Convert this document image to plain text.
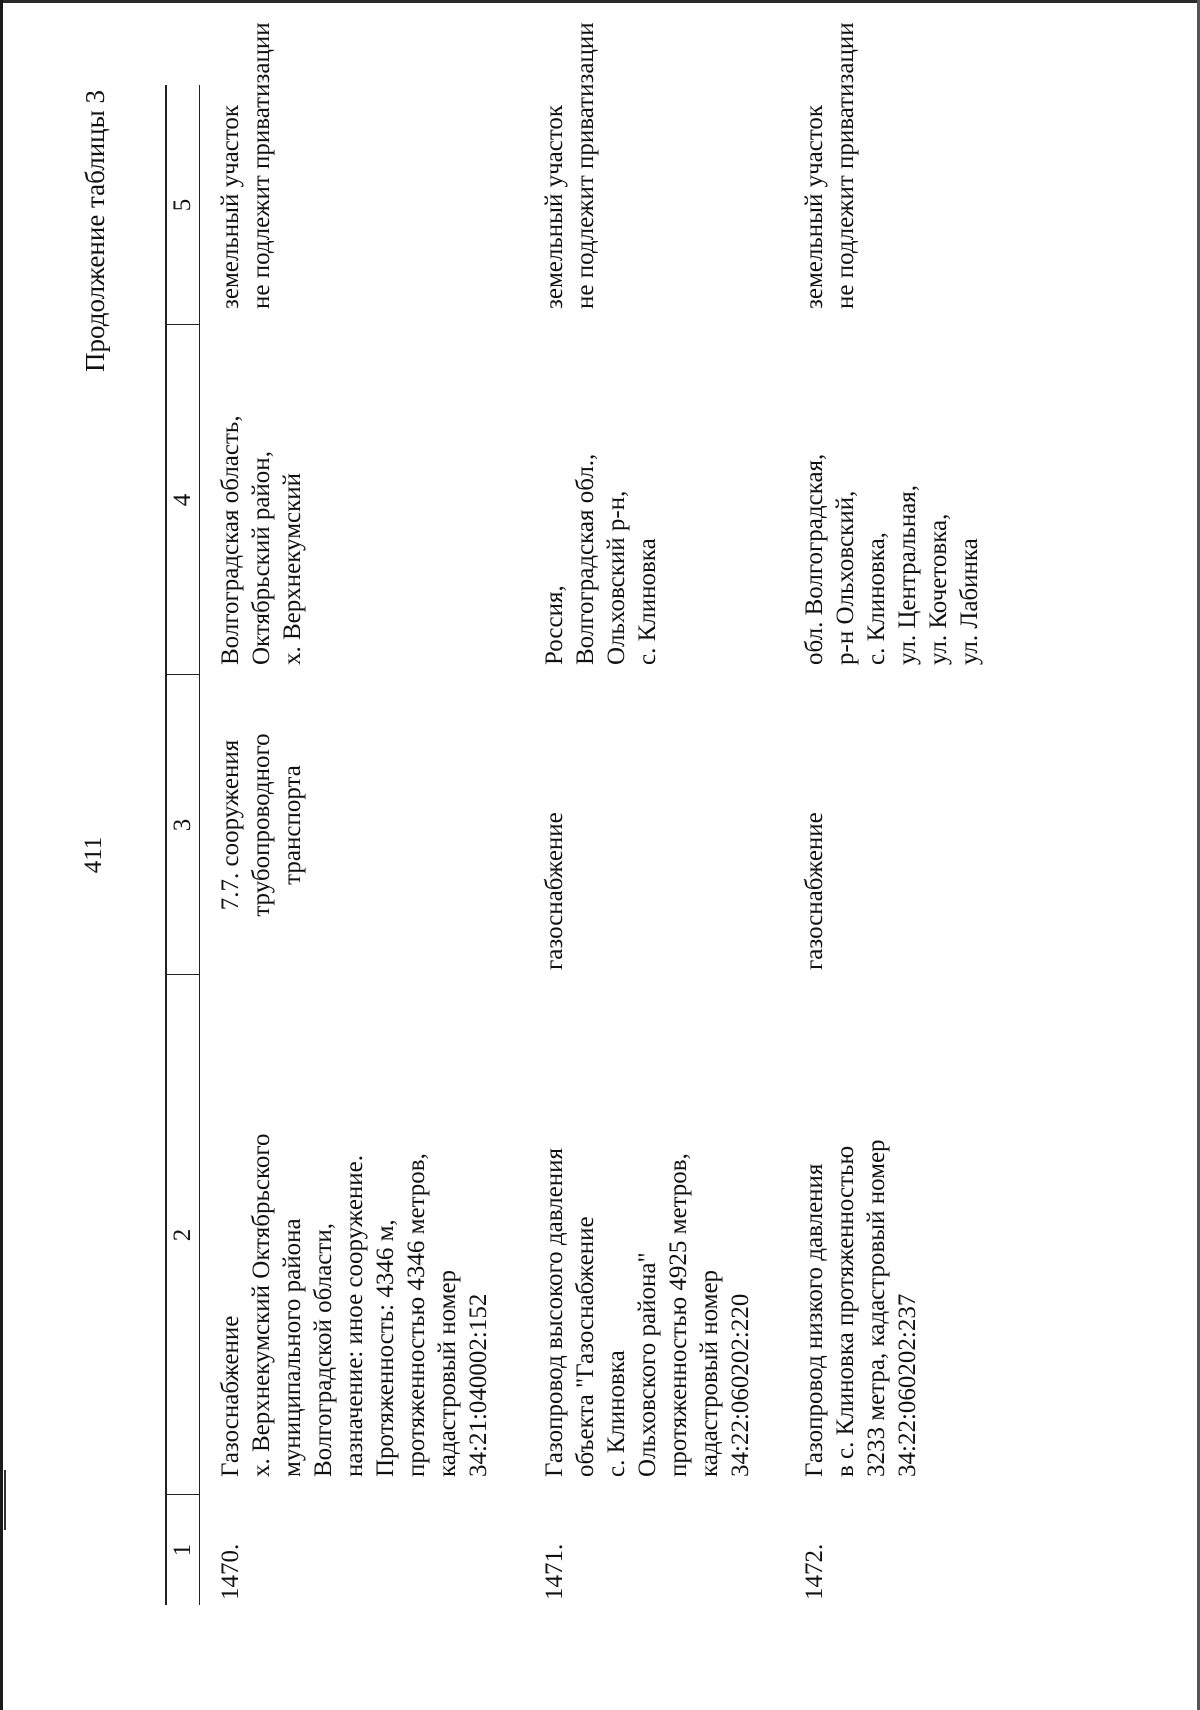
411
Продолжение таблицы 3
1
2
3
4
5
1470.
Газоснабжение
х. Верхнекумский Октябрьского
муниципального района
Волгоградской области,
назначение: иное сооружение.
Протяженность: 4346 м,
протяженностью 4346 метров,
кадастровый номер
34:21:040002:152
7.7. сооружения
трубопроводного
транспорта
Волгоградская область,
Октябрьский район,
х. Верхнекумский
земельный участок
не подлежит приватизации
1471.
Газопровод высокого давления
объекта "Газоснабжение
с. Клиновка
Ольховского района"
протяженностью 4925 метров,
кадастровый номер
34:22:060202:220
газоснабжение
Россия,
Волгоградская обл.,
Ольховский р-н,
с. Клиновка
земельный участок
не подлежит приватизации
1472.
Газопровод низкого давления
в с. Клиновка протяженностью
3233 метра, кадастровый номер
34:22:060202:237
газоснабжение
обл. Волгоградская,
р-н Ольховский,
с. Клиновка,
ул. Центральная,
ул. Кочетовка,
ул. Лабинка
земельный участок
не подлежит приватизации
